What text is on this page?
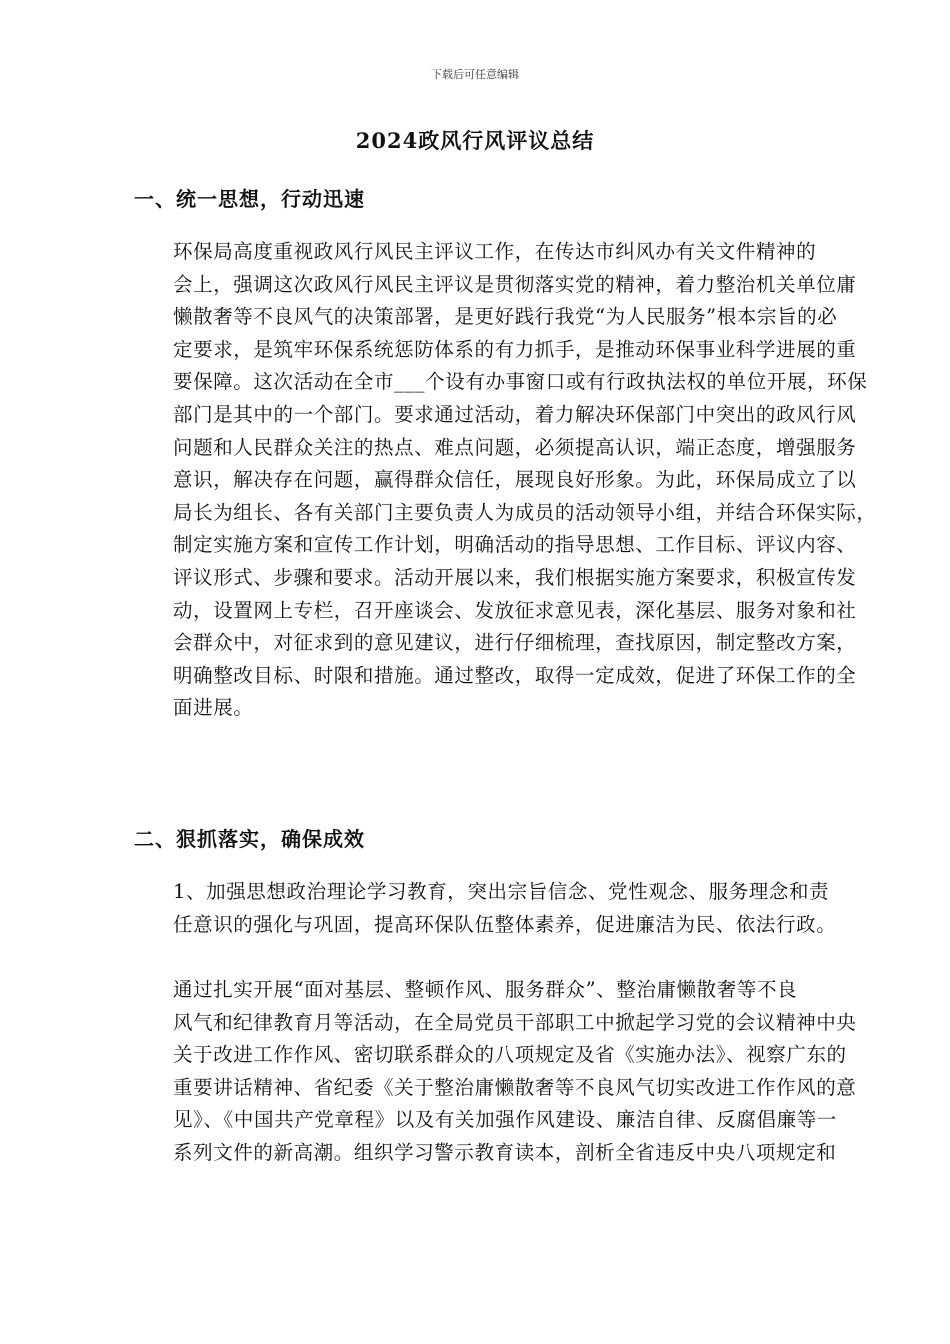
下载后可任意编辑
2024政风行风评议总结
一、统一思想，行动迅速

环保局高度重视政风行风民主评议工作，在传达市纠风办有关文件精神的
会上，强调这次政风行风民主评议是贯彻落实党的精神，着力整治机关单位庸
懒散奢等不良风气的决策部署，是更好践行我党“为人民服务”根本宗旨的必
定要求，是筑牢环保系统惩防体系的有力抓手，是推动环保事业科学进展的重
要保障。这次活动在全市___个设有办事窗口或有行政执法权的单位开展，环保
部门是其中的一个部门。要求通过活动，着力解决环保部门中突出的政风行风
问题和人民群众关注的热点、难点问题，必须提高认识，端正态度，增强服务
意识，解决存在问题，赢得群众信任，展现良好形象。为此，环保局成立了以
局长为组长、各有关部门主要负责人为成员的活动领导小组，并结合环保实际，
制定实施方案和宣传工作计划，明确活动的指导思想、工作目标、评议内容、
评议形式、步骤和要求。活动开展以来，我们根据实施方案要求，积极宣传发
动，设置网上专栏，召开座谈会、发放征求意见表，深化基层、服务对象和社
会群众中，对征求到的意见建议，进行仔细梳理，查找原因，制定整改方案，
明确整改目标、时限和措施。通过整改，取得一定成效，促进了环保工作的全
面进展。

二、狠抓落实，确保成效

1、加强思想政治理论学习教育，突出宗旨信念、党性观念、服务理念和责
任意识的强化与巩固，提高环保队伍整体素养，促进廉洁为民、依法行政。

通过扎实开展“面对基层、整顿作风、服务群众”、整治庸懒散奢等不良
风气和纪律教育月等活动，在全局党员干部职工中掀起学习党的会议精神中央
关于改进工作作风、密切联系群众的八项规定及省《实施办法》、视察广东的
重要讲话精神、省纪委《关于整治庸懒散奢等不良风气切实改进工作作风的意
见》、《中国共产党章程》以及有关加强作风建设、廉洁自律、反腐倡廉等一
系列文件的新高潮。组织学习警示教育读本，剖析全省违反中央八项规定和
